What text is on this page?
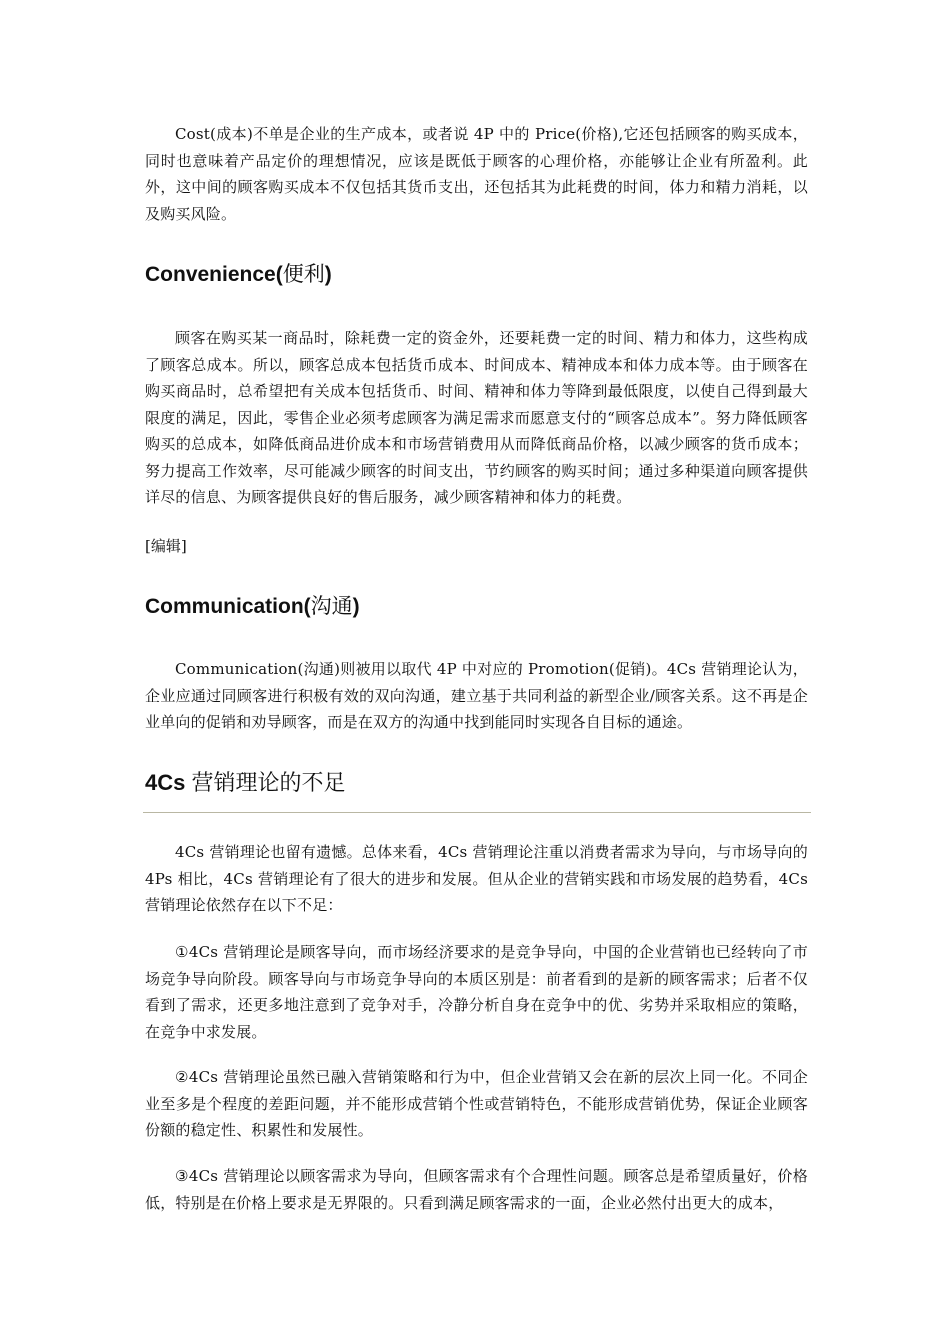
Cost(成本)不单是企业的生产成本，或者说 4P 中的 Price(价格),它还包括顾客的购买成本，同时也意味着产品定价的理想情况，应该是既低于顾客的心理价格，亦能够让企业有所盈利。此外，这中间的顾客购买成本不仅包括其货币支出，还包括其为此耗费的时间，体力和精力消耗，以及购买风险。

Convenience(便利)

顾客在购买某一商品时，除耗费一定的资金外，还要耗费一定的时间、精力和体力，这些构成了顾客总成本。所以，顾客总成本包括货币成本、时间成本、精神成本和体力成本等。由于顾客在购买商品时，总希望把有关成本包括货币、时间、精神和体力等降到最低限度，以使自己得到最大限度的满足，因此，零售企业必须考虑顾客为满足需求而愿意支付的“顾客总成本”。努力降低顾客购买的总成本，如降低商品进价成本和市场营销费用从而降低商品价格，以减少顾客的货币成本；努力提高工作效率，尽可能减少顾客的时间支出，节约顾客的购买时间；通过多种渠道向顾客提供详尽的信息、为顾客提供良好的售后服务，减少顾客精神和体力的耗费。

[编辑]

Communication(沟通)

Communication(沟通)则被用以取代 4P 中对应的 Promotion(促销)。4Cs 营销理论认为，企业应通过同顾客进行积极有效的双向沟通，建立基于共同利益的新型企业/顾客关系。这不再是企业单向的促销和劝导顾客，而是在双方的沟通中找到能同时实现各自目标的通途。

4Cs 营销理论的不足

4Cs 营销理论也留有遗憾。总体来看，4Cs 营销理论注重以消费者需求为导向，与市场导向的 4Ps 相比，4Cs 营销理论有了很大的进步和发展。但从企业的营销实践和市场发展的趋势看，4Cs 营销理论依然存在以下不足：

①4Cs 营销理论是顾客导向，而市场经济要求的是竞争导向，中国的企业营销也已经转向了市场竞争导向阶段。顾客导向与市场竞争导向的本质区别是：前者看到的是新的顾客需求；后者不仅看到了需求，还更多地注意到了竞争对手，冷静分析自身在竞争中的优、劣势并采取相应的策略，在竞争中求发展。

②4Cs 营销理论虽然已融入营销策略和行为中，但企业营销又会在新的层次上同一化。不同企业至多是个程度的差距问题，并不能形成营销个性或营销特色，不能形成营销优势，保证企业顾客份额的稳定性、积累性和发展性。

③4Cs 营销理论以顾客需求为导向，但顾客需求有个合理性问题。顾客总是希望质量好，价格低，特别是在价格上要求是无界限的。只看到满足顾客需求的一面，企业必然付出更大的成本，
